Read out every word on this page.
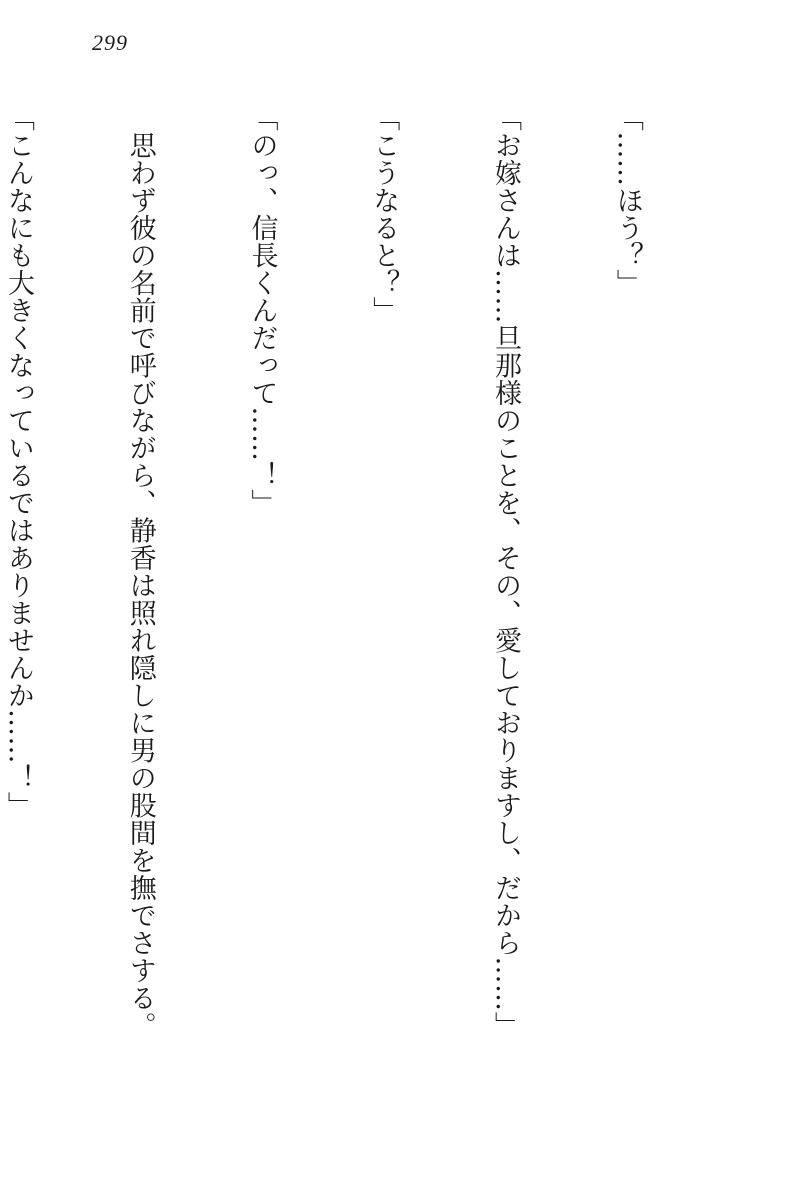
299

「……ほう？」

「お嫁さんは……旦那様のことを、その、愛しておりますし、だから……」

「こうなると？」

「のっ、信長くんだって……！」

　思わず彼の名前で呼びながら、静香は照れ隠しに男の股間を撫でさする。

「こんなにも大きくなっているではありませんか……！」
